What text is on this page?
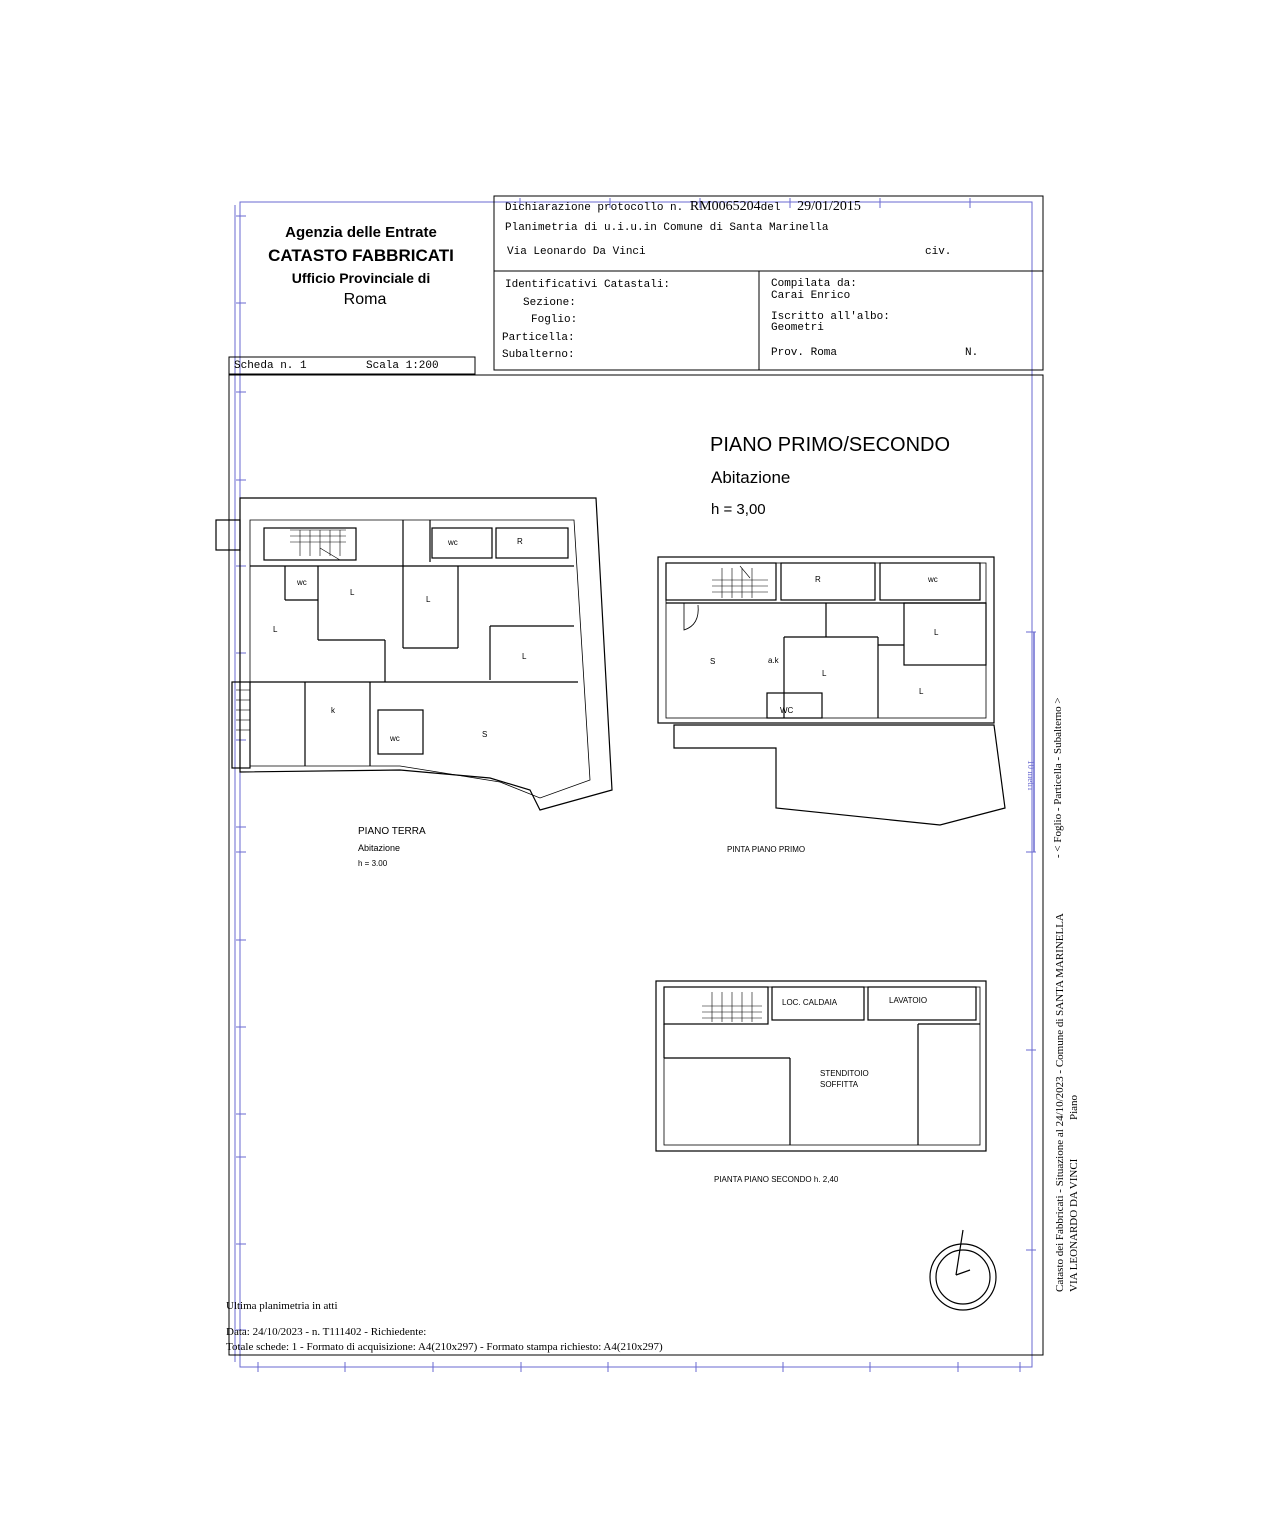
Agenzia delle Entrate
CATASTO FABBRICATI
Ufficio Provinciale di
Roma
Dichiarazione protocollo n. RM0065204del 29/01/2015
Planimetria di u.i.u.in Comune di Santa Marinella
Via Leonardo Da Vinci	civ.
Identificativi Catastali:
Sezione:
Foglio:
Particella:
Subalterno:
Compilata da:
Carai Enrico
Iscritto all'albo:
Geometri
Prov. Roma	N.
Scheda n. 1	Scala 1:200
PIANO PRIMO/SECONDO
Abitazione
h = 3,00
wc
wc	R
L
L
L
L
k
wc	S
R	wc
L
S	a.k
L
L
WC
LOC. CALDAIA	LAVATOIO
STENDITOIO
SOFFITTA
PIANO TERRA
Abitazione
h = 3.00
PINTA PIANO PRIMO
PIANTA PIANO SECONDO h. 2,40	Catasto dei Fabbricati - Situazione al 24/10/2023 - Comune di SANTA MARINELLA VIA LEONARDO DA VINCI
Piano
- < Foglio - Particella - Subalterno >
10 metri
Ultima planimetria in atti
Data: 24/10/2023 - n. T111402 - Richiedente:
Totale schede: 1 - Formato di acquisizione: A4(210x297) - Formato stampa richiesto: A4(210x297)
